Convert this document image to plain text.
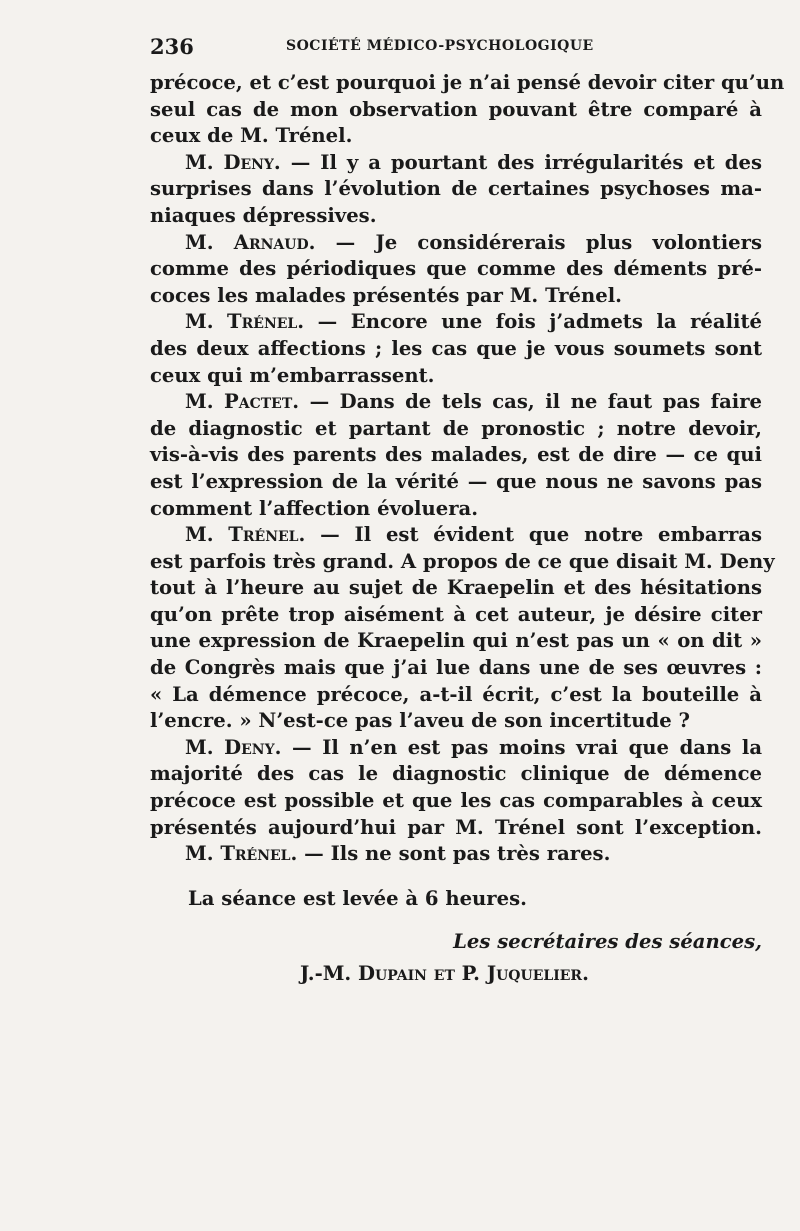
236	SOCIÉTÉ MÉDICO-PSYCHOLOGIQUE
précoce, et c’est pourquoi je n’ai pensé devoir citer qu’un
seul cas de mon observation pouvant être comparé à
ceux de M. Trénel.
M. Deny. — Il y a pourtant des irrégularités et des
surprises dans l’évolution de certaines psychoses ma-
niaques dépressives.
M. Arnaud. — Je considérerais plus volontiers
comme des périodiques que comme des déments pré-
coces les malades présentés par M. Trénel.
M. Trénel. — Encore une fois j’admets la réalité
des deux affections ; les cas que je vous soumets sont
ceux qui m’embarrassent.
M. Pactet. — Dans de tels cas, il ne faut pas faire
de diagnostic et partant de pronostic ; notre devoir,
vis-à-vis des parents des malades, est de dire — ce qui
est l’expression de la vérité — que nous ne savons pas
comment l’affection évoluera.
M. Trénel. — Il est évident que notre embarras
est parfois très grand. A propos de ce que disait M. Deny
tout à l’heure au sujet de Kraepelin et des hésitations
qu’on prête trop aisément à cet auteur, je désire citer
une expression de Kraepelin qui n’est pas un « on dit »
de Congrès mais que j’ai lue dans une de ses œuvres :
« La démence précoce, a-t-il écrit, c’est la bouteille à
l’encre. » N’est-ce pas l’aveu de son incertitude ?
M. Deny. — Il n’en est pas moins vrai que dans la
majorité des cas le diagnostic clinique de démence
précoce est possible et que les cas comparables à ceux
présentés aujourd’hui par M. Trénel sont l’exception.
M. Trénel. — Ils ne sont pas très rares.
La séance est levée à 6 heures.
Les secrétaires des séances,
J.-M. Dupain et P. Juquelier.
